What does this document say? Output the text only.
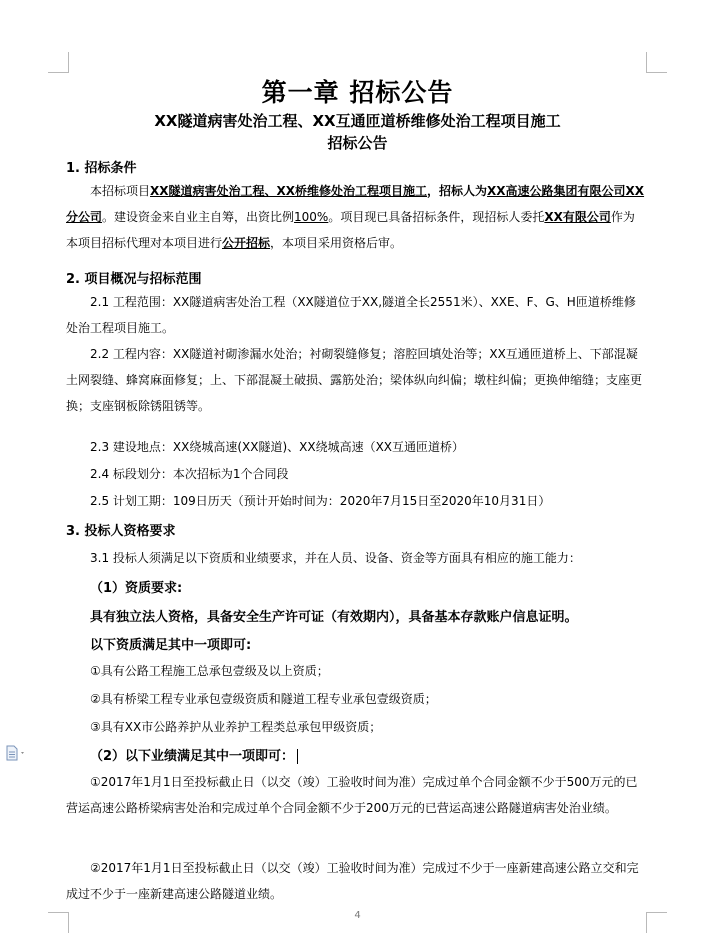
第一章 招标公告
XX隧道病害处治工程、XX互通匝道桥维修处治工程项目施工
招标公告
1. 招标条件
本招标项目XX隧道病害处治工程、XX桥维修处治工程项目施工，招标人为XX高速公路集团有限公司XX分公司。建设资金来自业主自筹，出资比例100%。项目现已具备招标条件，现招标人委托XX有限公司作为本项目招标代理对本项目进行公开招标，本项目采用资格后审。
2. 项目概况与招标范围
2.1 工程范围：XX隧道病害处治工程（XX隧道位于XX,隧道全长2551米）、XXE、F、G、H匝道桥维修处治工程项目施工。
2.2 工程内容：XX隧道衬砌渗漏水处治；衬砌裂缝修复；溶腔回填处治等；XX互通匝道桥上、下部混凝土网裂缝、蜂窝麻面修复；上、下部混凝土破损、露筋处治；梁体纵向纠偏；墩柱纠偏；更换伸缩缝；支座更换；支座钢板除锈阻锈等。
2.3 建设地点：XX绕城高速(XX隧道)、XX绕城高速（XX互通匝道桥）
2.4 标段划分：本次招标为1个合同段
2.5 计划工期：109日历天（预计开始时间为：2020年7月15日至2020年10月31日）
3. 投标人资格要求
3.1 投标人须满足以下资质和业绩要求，并在人员、设备、资金等方面具有相应的施工能力：
（1）资质要求:
具有独立法人资格，具备安全生产许可证（有效期内），具备基本存款账户信息证明。
以下资质满足其中一项即可:
①具有公路工程施工总承包壹级及以上资质；
②具有桥梁工程专业承包壹级资质和隧道工程专业承包壹级资质；
③具有XX市公路养护从业养护工程类总承包甲级资质；
（2）以下业绩满足其中一项即可：
①2017年1月1日至投标截止日（以交（竣）工验收时间为准）完成过单个合同金额不少于500万元的已营运高速公路桥梁病害处治和完成过单个合同金额不少于200万元的已营运高速公路隧道病害处治业绩。
②2017年1月1日至投标截止日（以交（竣）工验收时间为准）完成过不少于一座新建高速公路立交和完成过不少于一座新建高速公路隧道业绩。
4
